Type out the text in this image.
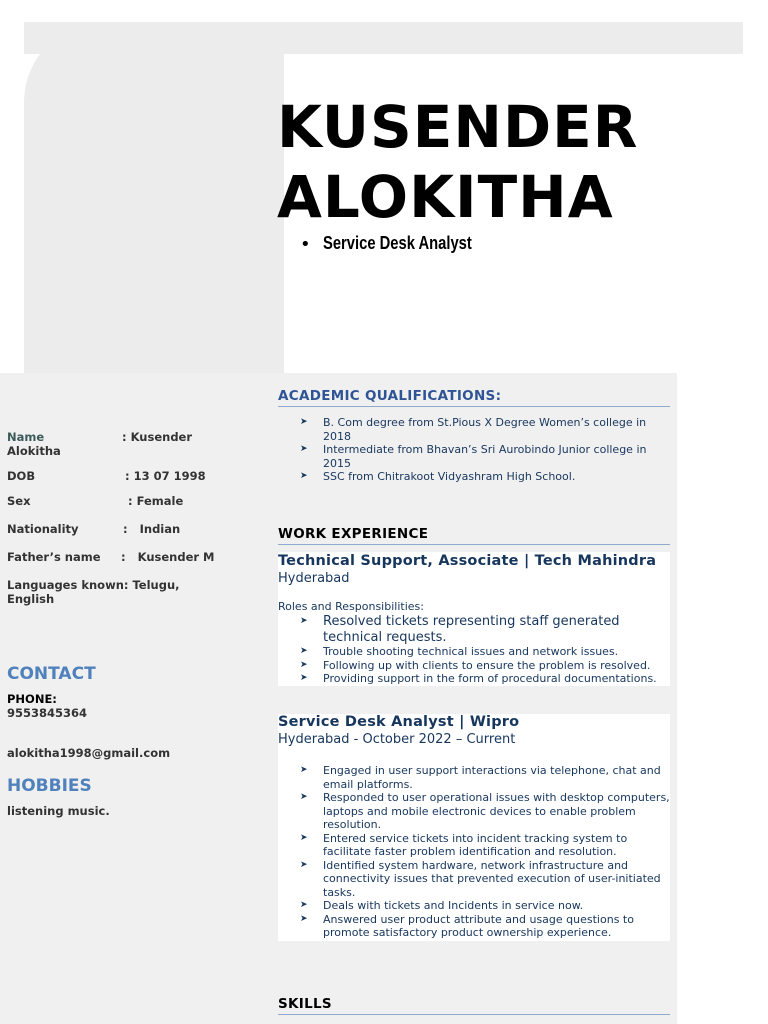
KUSENDER
ALOKITHA
• Service Desk Analyst
Name	: Kusender
Alokitha
DOB	: 13 07 1998
Sex	: Female
Nationality	:   Indian
Father’s name :   Kusender M
Languages known: Telugu, English
CONTACT
PHONE:
9553845364
alokitha1998@gmail.com
HOBBIES
listening music.
ACADEMIC QUALIFICATIONS:
➤ B. Com degree from St.Pious X Degree Women’s college in 2018
➤ Intermediate from Bhavan’s Sri Aurobindo Junior college in 2015
➤ SSC from Chitrakoot Vidyashram High School.
WORK EXPERIENCE
Technical Support, Associate | Tech Mahindra
Hyderabad
Roles and Responsibilities:
➤ Resolved tickets representing staff generated technical requests.
➤ Trouble shooting technical issues and network issues.
➤ Following up with clients to ensure the problem is resolved.
➤ Providing support in the form of procedural documentations.
Service Desk Analyst | Wipro
Hyderabad - October 2022 – Current
➤ Engaged in user support interactions via telephone, chat and email platforms.
➤ Responded to user operational issues with desktop computers, laptops and mobile electronic devices to enable problem resolution.
➤ Entered service tickets into incident tracking system to facilitate faster problem identification and resolution.
➤ Identified system hardware, network infrastructure and connectivity issues that prevented execution of user-initiated tasks.
➤ Deals with tickets and Incidents in service now.
➤ Answered user product attribute and usage questions to promote satisfactory product ownership experience.
SKILLS
